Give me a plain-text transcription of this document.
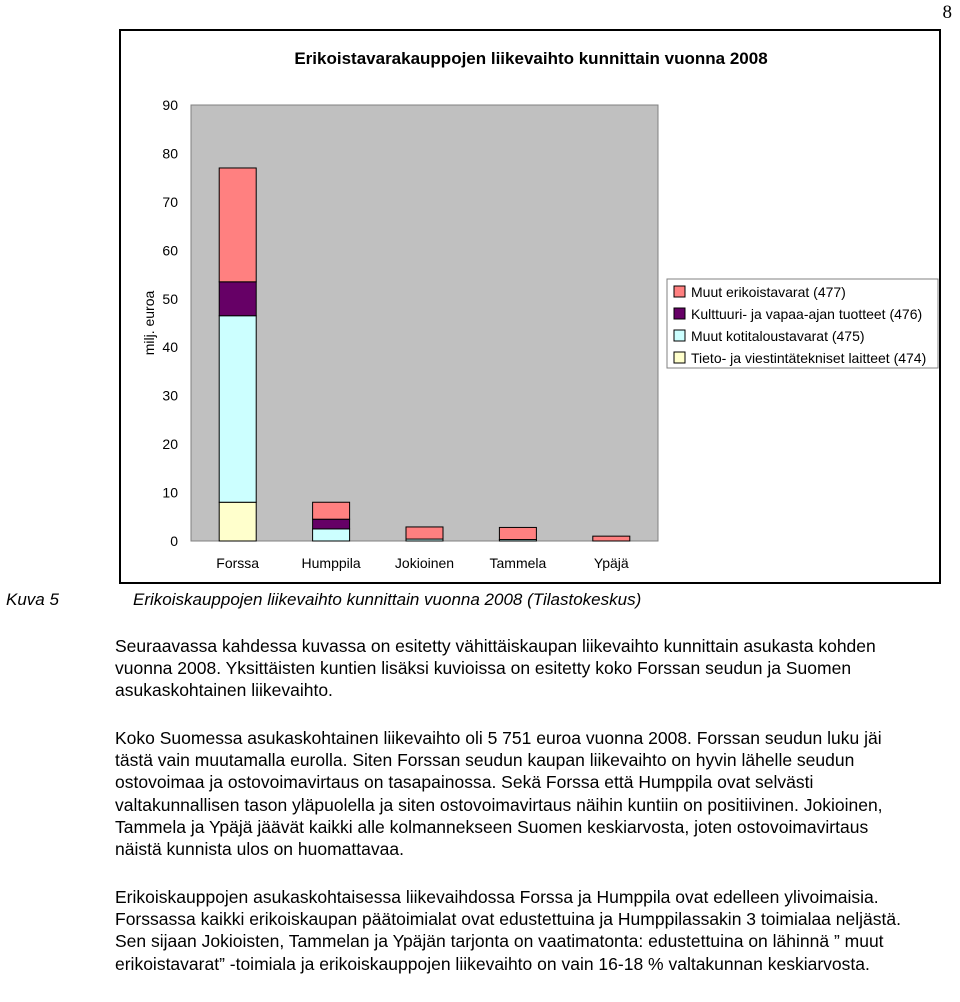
8
Erikoistavarakauppojen liikevaihto kunnittain vuonna 2008
milj. euroa
0
10
20
30
40
50
60
70
80
90
Forssa	Humppila Jokioinen	Tammela	Ypäjä
Muut erikoistavarat (477)
Kulttuuri- ja vapaa-ajan tuotteet (476)
Muut kotitaloustavarat (475)
Tieto- ja viestintätekniset laitteet (474)
Kuva 5	Erikoiskauppojen liikevaihto kunnittain vuonna 2008 (Tilastokeskus)

Seuraavassa kahdessa kuvassa on esitetty vähittäiskaupan liikevaihto kunnittain asukasta kohden vuonna 2008. Yksittäisten kuntien lisäksi kuvioissa on esitetty koko Forssan seudun ja Suomen asukaskohtainen liikevaihto.

Koko Suomessa asukaskohtainen liikevaihto oli 5 751 euroa vuonna 2008. Forssan seudun luku jäi tästä vain muutamalla eurolla. Siten Forssan seudun kaupan liikevaihto on hyvin lähelle seudun ostovoimaa ja ostovoimavirtaus on tasapainossa. Sekä Forssa että Humppila ovat selvästi valtakunnallisen tason yläpuolella ja siten ostovoimavirtaus näihin kuntiin on positiivinen. Jokioinen, Tammela ja Ypäjä jäävät kaikki alle kolmannekseen Suomen keskiarvosta, joten ostovoimavirtaus näistä kunnista ulos on huomattavaa.

Erikoiskauppojen asukaskohtaisessa liikevaihdossa Forssa ja Humppila ovat edelleen ylivoimaisia. Forssassa kaikki erikoiskaupan päätoimialat ovat edustettuina ja Humppilassakin 3 toimialaa neljästä. Sen sijaan Jokioisten, Tammelan ja Ypäjän tarjonta on vaatimatonta: edustettuina on lähinnä ” muut erikoistavarat” -toimiala ja erikoiskauppojen liikevaihto on vain 16-18 % valtakunnan keskiarvosta.
